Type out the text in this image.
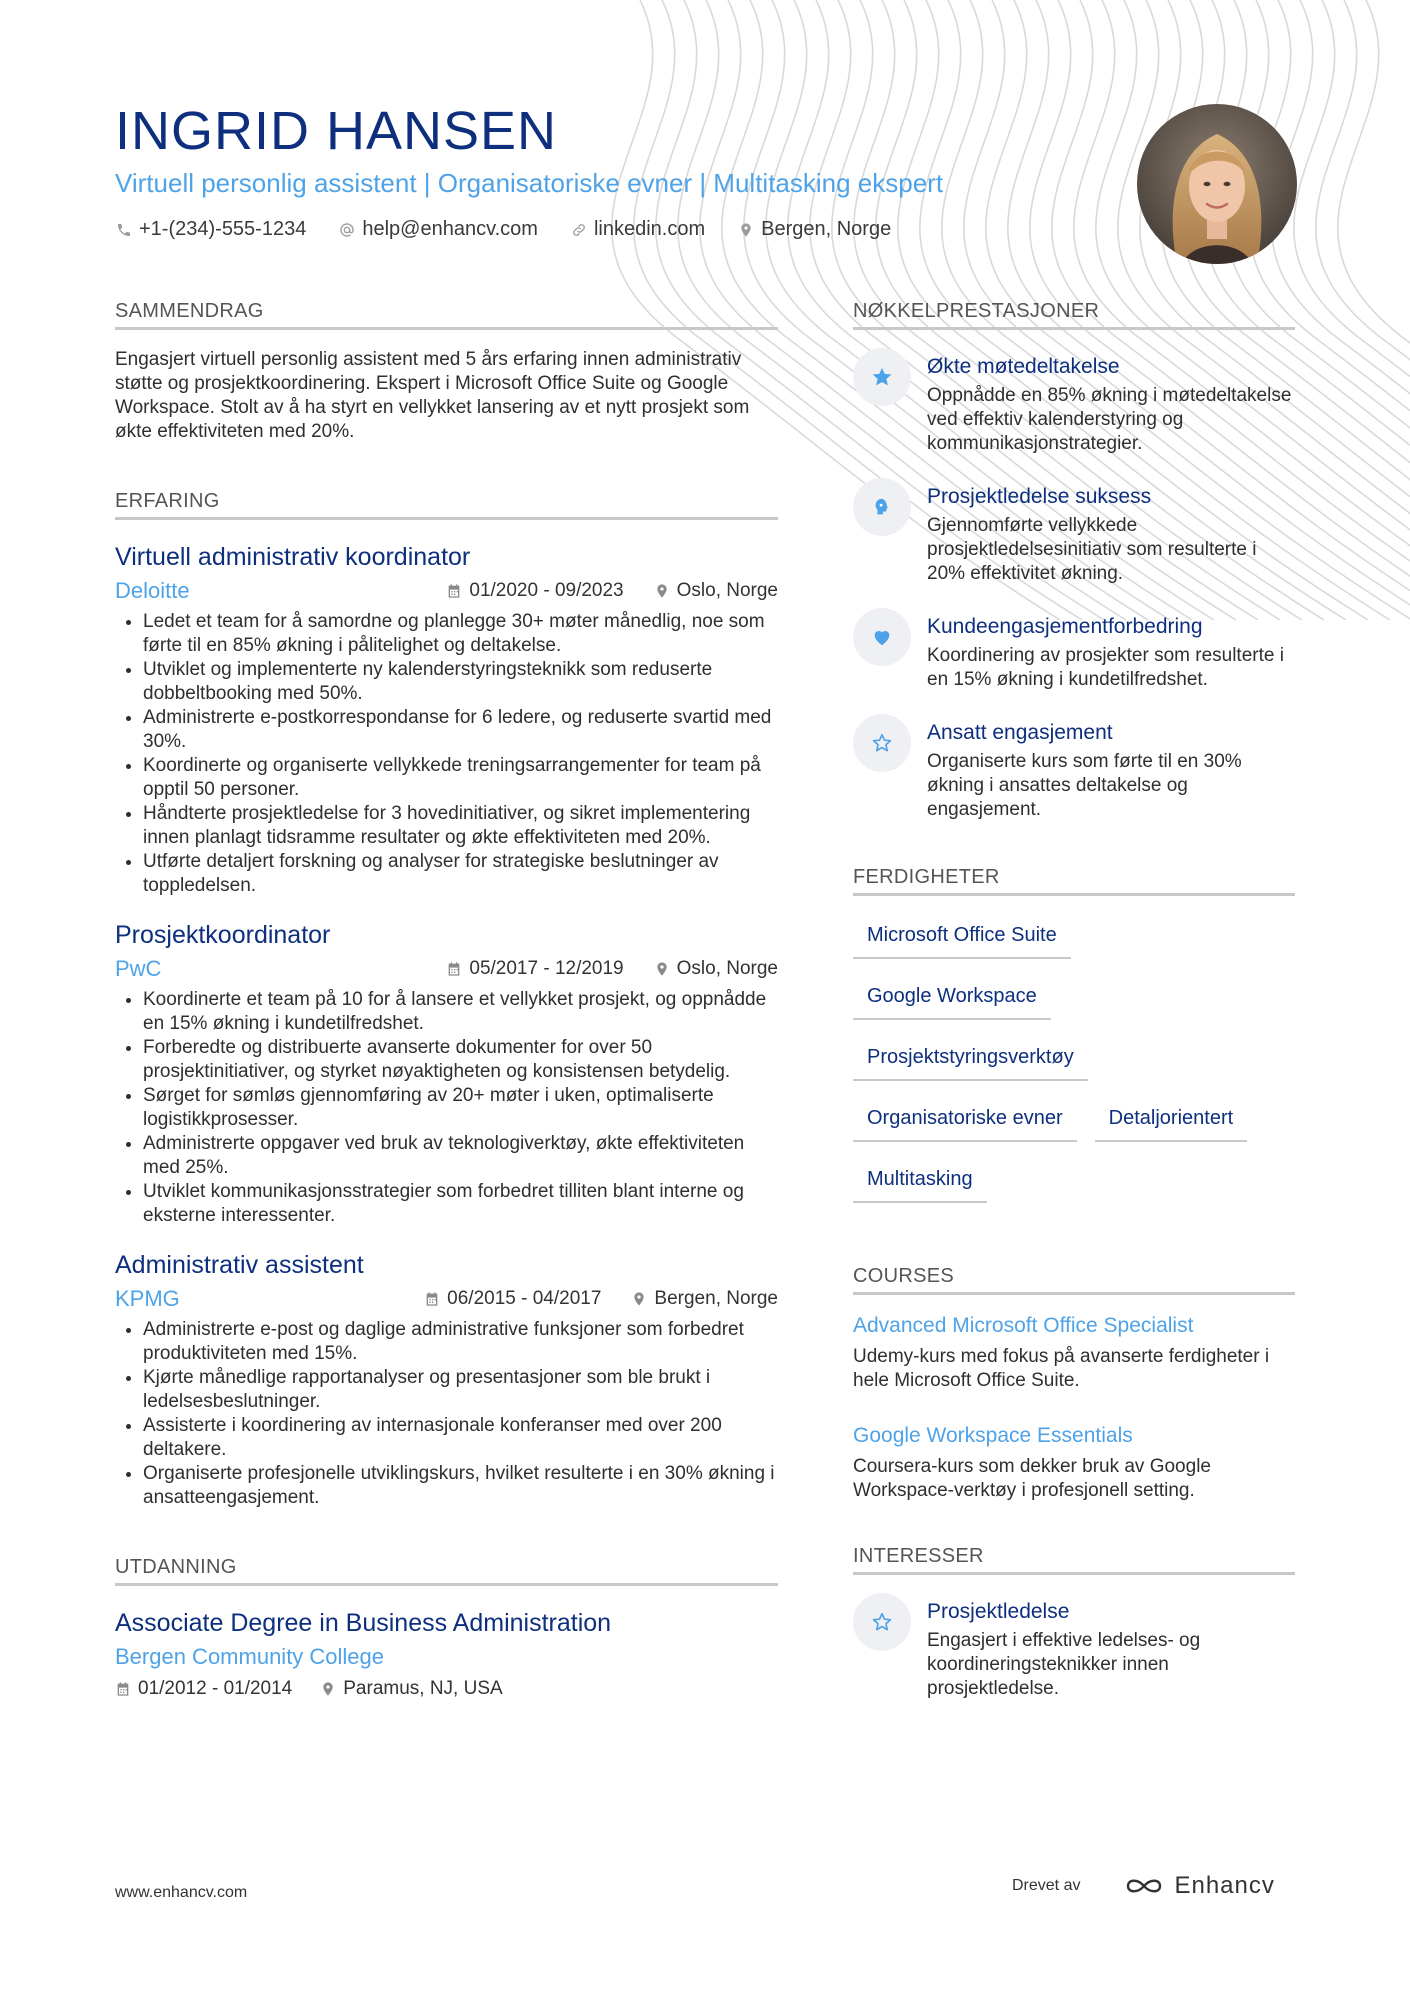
INGRID HANSEN
Virtuell personlig assistent | Organisatoriske evner | Multitasking ekspert
+1-(234)-555-1234	help@enhancv.com	linkedin.com	Bergen, Norge
SAMMENDRAG
Engasjert virtuell personlig assistent med 5 års erfaring innen administrativ støtte og prosjektkoordinering. Ekspert i Microsoft Office Suite og Google Workspace. Stolt av å ha styrt en vellykket lansering av et nytt prosjekt som økte effektiviteten med 20%.
ERFARING
Virtuell administrativ koordinator
Deloitte	01/2020 - 09/2023	Oslo, Norge
• Ledet et team for å samordne og planlegge 30+ møter månedlig, noe som førte til en 85% økning i pålitelighet og deltakelse.
• Utviklet og implementerte ny kalenderstyringsteknikk som reduserte dobbeltbooking med 50%.
• Administrerte e-postkorrespondanse for 6 ledere, og reduserte svartid med 30%.
• Koordinerte og organiserte vellykkede treningsarrangementer for team på opptil 50 personer.
• Håndterte prosjektledelse for 3 hovedinitiativer, og sikret implementering innen planlagt tidsramme resultater og økte effektiviteten med 20%.
• Utførte detaljert forskning og analyser for strategiske beslutninger av toppledelsen.
Prosjektkoordinator
PwC	05/2017 - 12/2019	Oslo, Norge
• Koordinerte et team på 10 for å lansere et vellykket prosjekt, og oppnådde en 15% økning i kundetilfredshet.
• Forberedte og distribuerte avanserte dokumenter for over 50 prosjektinitiativer, og styrket nøyaktigheten og konsistensen betydelig.
• Sørget for sømløs gjennomføring av 20+ møter i uken, optimaliserte logistikkprosesser.
• Administrerte oppgaver ved bruk av teknologiverktøy, økte effektiviteten med 25%.
• Utviklet kommunikasjonsstrategier som forbedret tilliten blant interne og eksterne interessenter.
Administrativ assistent
KPMG	06/2015 - 04/2017	Bergen, Norge
• Administrerte e-post og daglige administrative funksjoner som forbedret produktiviteten med 15%.
• Kjørte månedlige rapportanalyser og presentasjoner som ble brukt i ledelsesbeslutninger.
• Assisterte i koordinering av internasjonale konferanser med over 200 deltakere.
• Organiserte profesjonelle utviklingskurs, hvilket resulterte i en 30% økning i ansatteengasjement.
UTDANNING
Associate Degree in Business Administration
Bergen Community College
01/2012 - 01/2014	Paramus, NJ, USA
NØKKELPRESTASJONER
Økte møtedeltakelse
Oppnådde en 85% økning i møtedeltakelse ved effektiv kalenderstyring og kommunikasjonstrategier.
Prosjektledelse suksess
Gjennomførte vellykkede prosjektledelsesinitiativ som resulterte i 20% effektivitet økning.
Kundeengasjementforbedring
Koordinering av prosjekter som resulterte i en 15% økning i kundetilfredshet.
Ansatt engasjement
Organiserte kurs som førte til en 30% økning i ansattes deltakelse og engasjement.
FERDIGHETER
Microsoft Office Suite
Google Workspace
Prosjektstyringsverktøy
Organisatoriske evner	Detaljorientert
Multitasking
COURSES
Advanced Microsoft Office Specialist
Udemy-kurs med fokus på avanserte ferdigheter i hele Microsoft Office Suite.
Google Workspace Essentials
Coursera-kurs som dekker bruk av Google Workspace-verktøy i profesjonell setting.
INTERESSER
Prosjektledelse
Engasjert i effektive ledelses- og koordineringsteknikker innen prosjektledelse.
www.enhancv.com	Drevet av	Enhancv
